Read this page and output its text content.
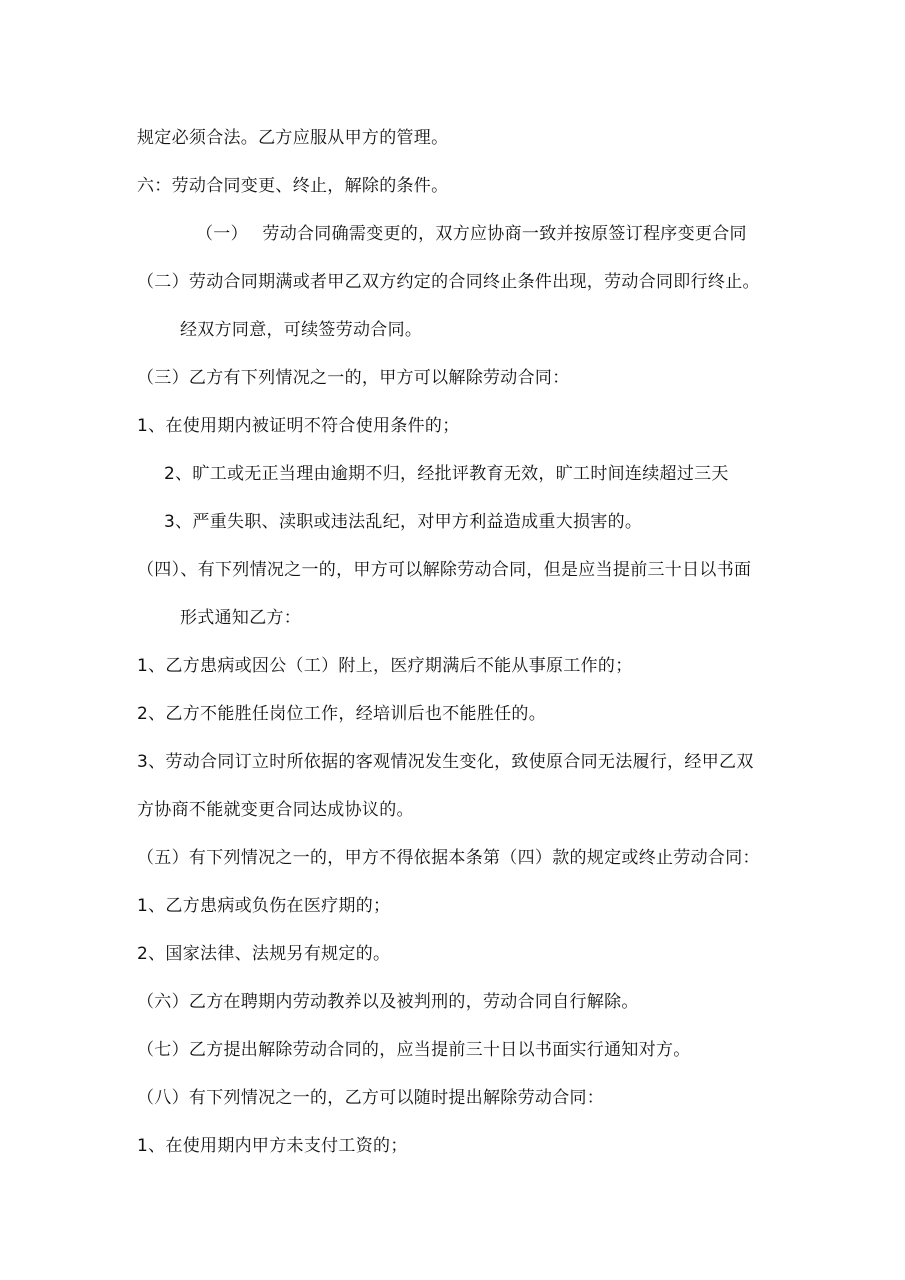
规定必须合法。乙方应服从甲方的管理。
六：劳动合同变更、终止，解除的条件。
（一）　 劳动合同确需变更的，双方应协商一致并按原签订程序变更合同
（二）劳动合同期满或者甲乙双方约定的合同终止条件出现，劳动合同即行终止。
经双方同意，可续签劳动合同。
（三）乙方有下列情况之一的，甲方可以解除劳动合同：
1、在使用期内被证明不符合使用条件的；
2、旷工或无正当理由逾期不归，经批评教育无效，旷工时间连续超过三天
3、严重失职、渎职或违法乱纪，对甲方利益造成重大损害的。
（四）、有下列情况之一的，甲方可以解除劳动合同，但是应当提前三十日以书面
形式通知乙方：
1、乙方患病或因公（工）附上，医疗期满后不能从事原工作的；
2、乙方不能胜任岗位工作，经培训后也不能胜任的。
3、劳动合同订立时所依据的客观情况发生变化，致使原合同无法履行，经甲乙双
方协商不能就变更合同达成协议的。
（五）有下列情况之一的，甲方不得依据本条第（四）款的规定或终止劳动合同：
1、乙方患病或负伤在医疗期的；
2、国家法律、法规另有规定的。
（六）乙方在聘期内劳动教养以及被判刑的，劳动合同自行解除。
（七）乙方提出解除劳动合同的，应当提前三十日以书面实行通知对方。
（八）有下列情况之一的，乙方可以随时提出解除劳动合同：
1、在使用期内甲方未支付工资的；
